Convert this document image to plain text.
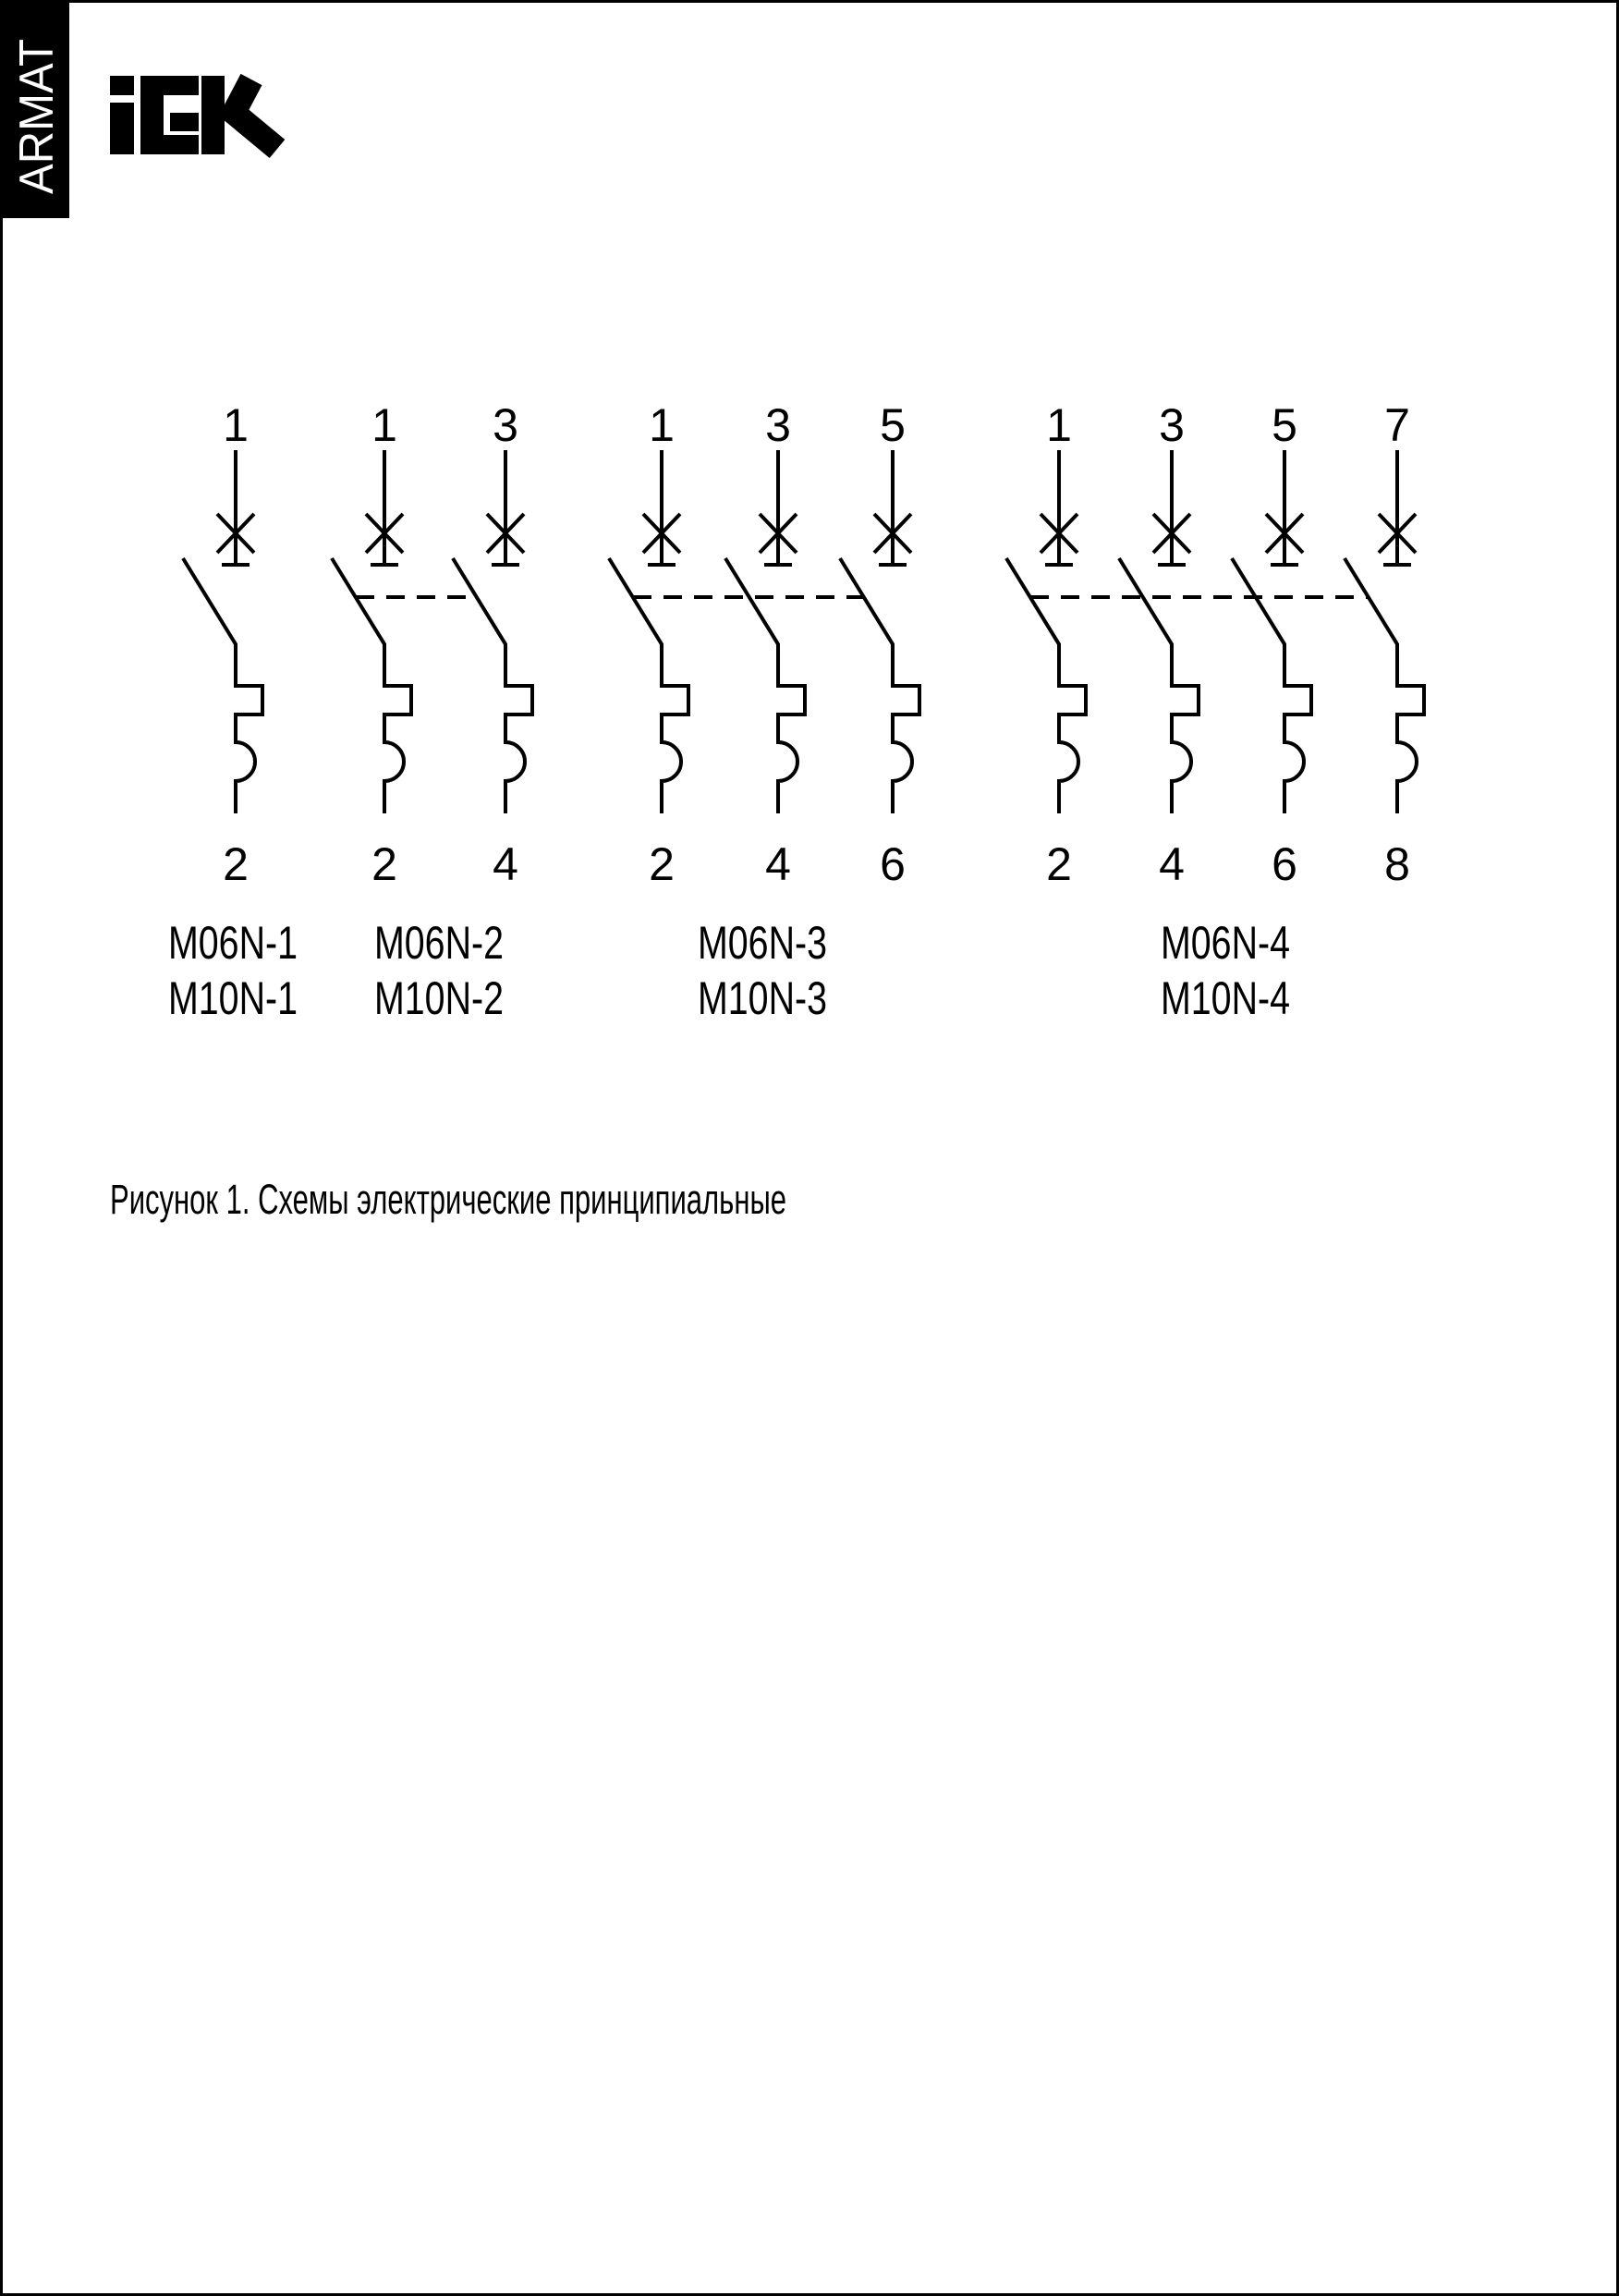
ARMAT
1
2
M06N-1
M10N-1
1 3
2 4
M06N-2
M10N-2
1 3 5
2 4 6
M06N-3
M10N-3
1 3 5 7
2 4 6 8
M06N-4
M10N-4
Рисунок 1. Схемы электрические принципиальные
